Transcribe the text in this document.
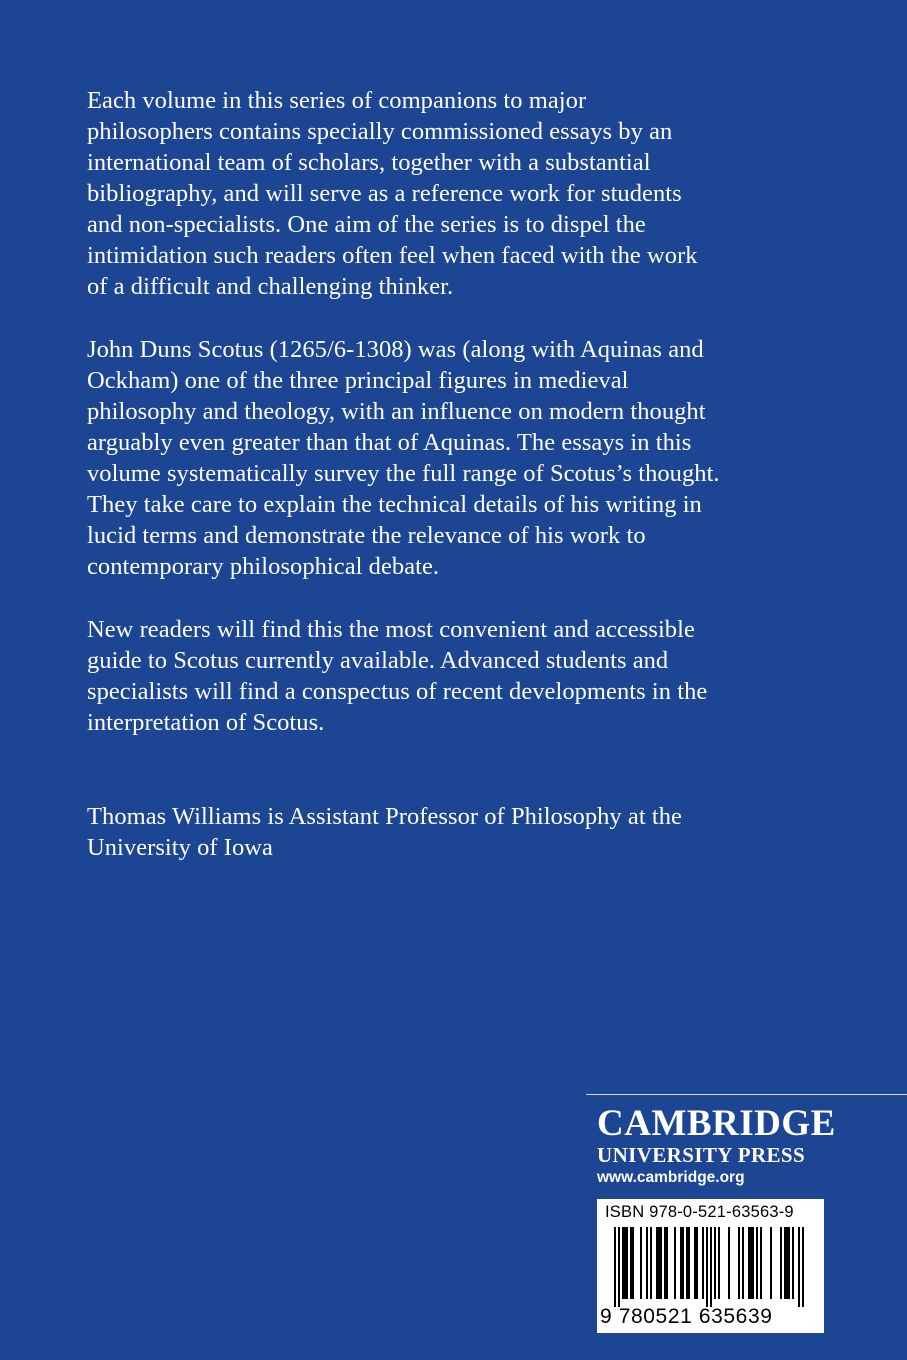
Each volume in this series of companions to major
philosophers contains specially commissioned essays by an
international team of scholars, together with a substantial
bibliography, and will serve as a reference work for students
and non-specialists. One aim of the series is to dispel the
intimidation such readers often feel when faced with the work
of a difficult and challenging thinker.

John Duns Scotus (1265/6-1308) was (along with Aquinas and
Ockham) one of the three principal figures in medieval
philosophy and theology, with an influence on modern thought
arguably even greater than that of Aquinas. The essays in this
volume systematically survey the full range of Scotus’s thought.
They take care to explain the technical details of his writing in
lucid terms and demonstrate the relevance of his work to
contemporary philosophical debate.

New readers will find this the most convenient and accessible
guide to Scotus currently available. Advanced students and
specialists will find a conspectus of recent developments in the
interpretation of Scotus.

Thomas Williams is Assistant Professor of Philosophy at the
University of Iowa

CAMBRIDGE
UNIVERSITY PRESS
www.cambridge.org
ISBN 978-0-521-63563-9
9 780521 635639
